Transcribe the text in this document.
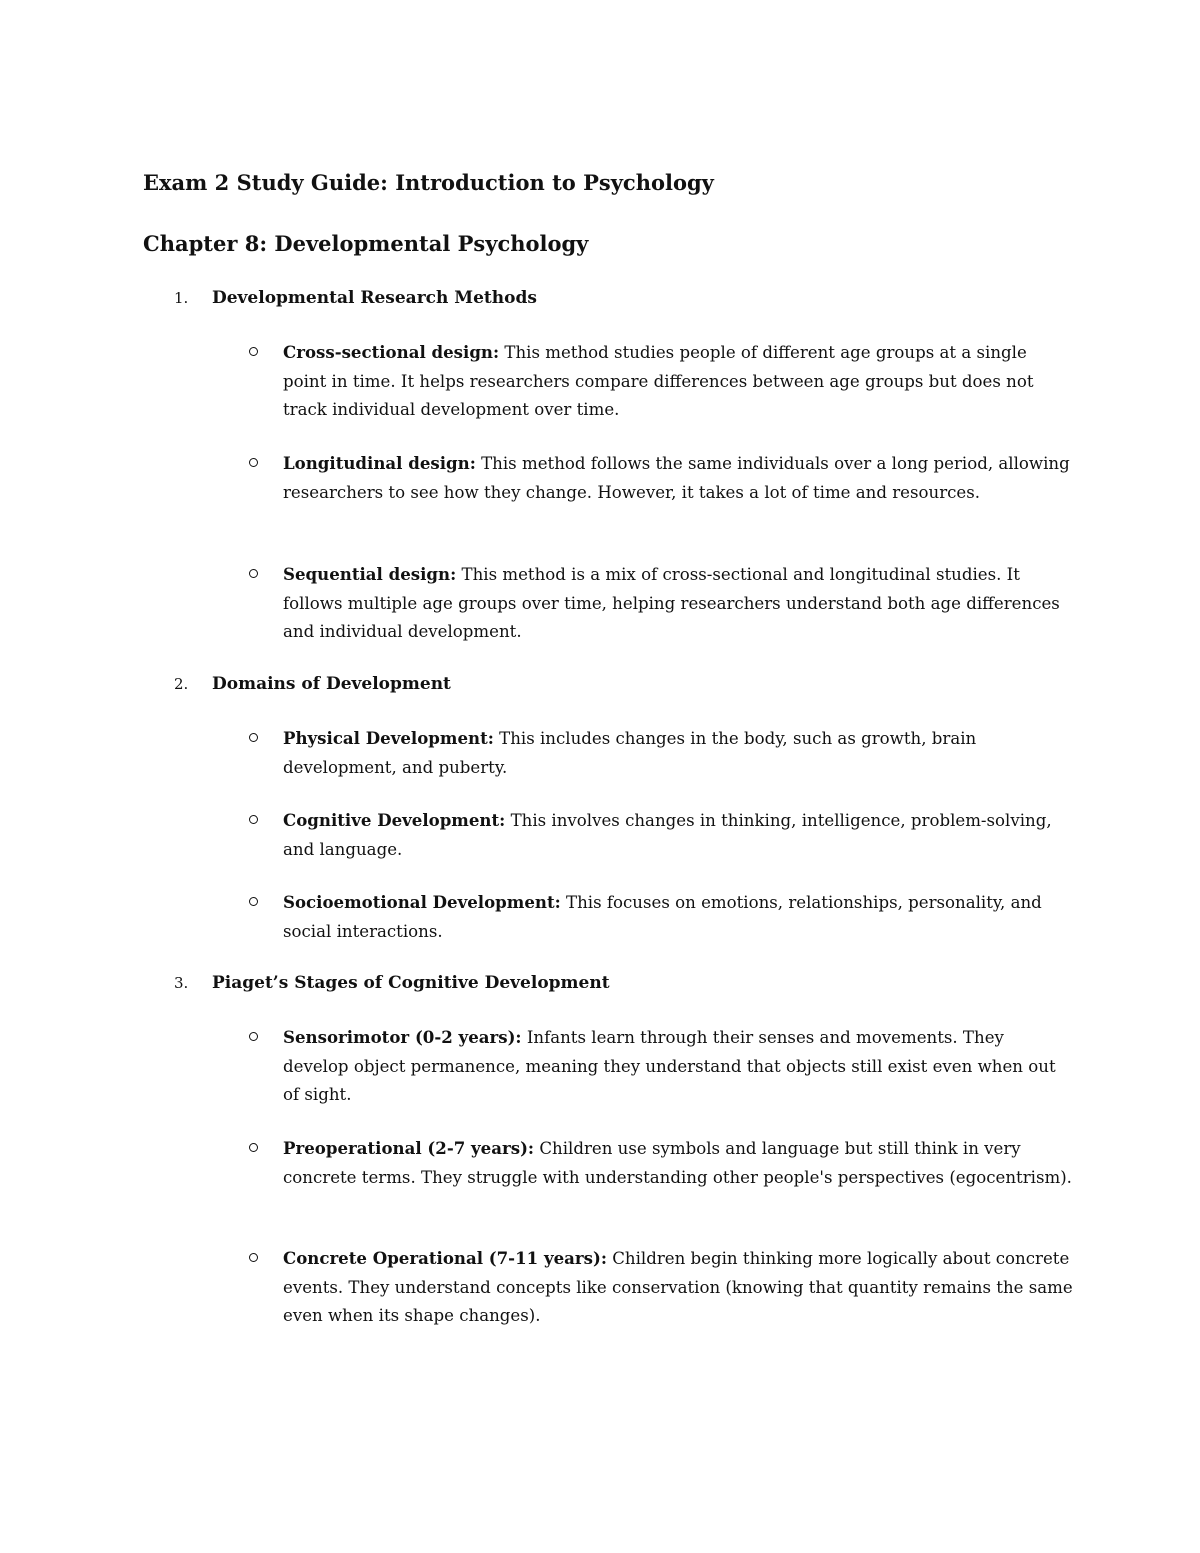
Exam 2 Study Guide: Introduction to Psychology
Chapter 8: Developmental Psychology
1. Developmental Research Methods

Cross-sectional design: This method studies people of different age groups at a single point in time. It helps researchers compare differences between age groups but does not track individual development over time.

Longitudinal design: This method follows the same individuals over a long period, allowing researchers to see how they change. However, it takes a lot of time and resources.

Sequential design: This method is a mix of cross-sectional and longitudinal studies. It follows multiple age groups over time, helping researchers understand both age differences and individual development.

2. Domains of Development

Physical Development: This includes changes in the body, such as growth, brain development, and puberty.

Cognitive Development: This involves changes in thinking, intelligence, problem-solving, and language.

Socioemotional Development: This focuses on emotions, relationships, personality, and social interactions.

3. Piaget’s Stages of Cognitive Development

Sensorimotor (0-2 years): Infants learn through their senses and movements. They develop object permanence, meaning they understand that objects still exist even when out of sight.

Preoperational (2-7 years): Children use symbols and language but still think in very concrete terms. They struggle with understanding other people's perspectives (egocentrism).

Concrete Operational (7-11 years): Children begin thinking more logically about concrete events. They understand concepts like conservation (knowing that quantity remains the same even when its shape changes).
